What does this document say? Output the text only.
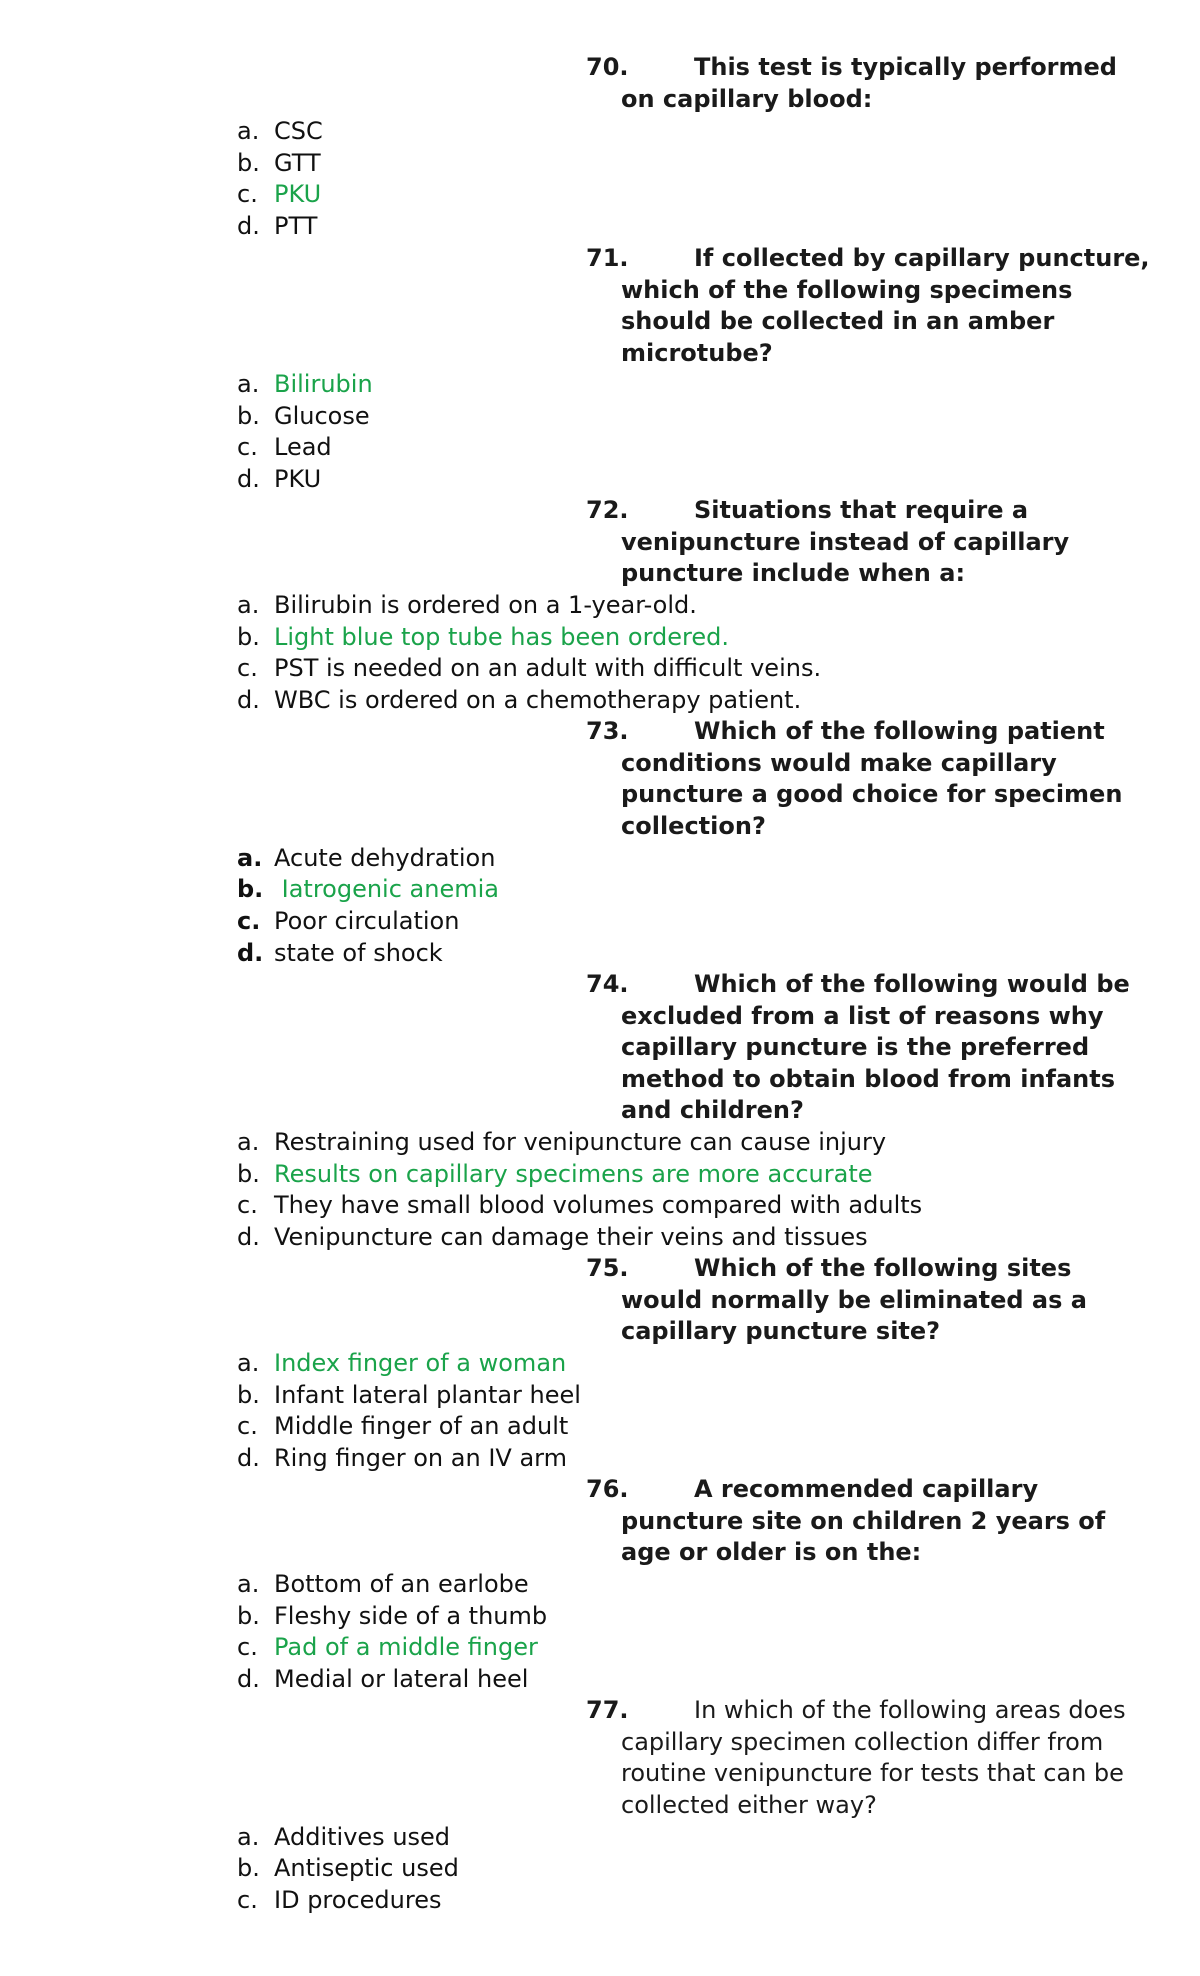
70.	This test is typically performed on capillary blood:
a. CSC
b. GTT
c. PKU
d. PTT
71.	If collected by capillary puncture, which of the following specimens should be collected in an amber microtube?
a. Bilirubin
b. Glucose
c. Lead
d. PKU
72.	Situations that require a venipuncture instead of capillary puncture include when a:
a. Bilirubin is ordered on a 1-year-old.
b. Light blue top tube has been ordered.
c. PST is needed on an adult with difficult veins.
d. WBC is ordered on a chemotherapy patient.
73.	Which of the following patient conditions would make capillary puncture a good choice for specimen collection?
a. Acute dehydration
b. Iatrogenic anemia
c. Poor circulation
d. state of shock
74.	Which of the following would be excluded from a list of reasons why capillary puncture is the preferred method to obtain blood from infants and children?
a. Restraining used for venipuncture can cause injury
b. Results on capillary specimens are more accurate
c. They have small blood volumes compared with adults
d. Venipuncture can damage their veins and tissues
75.	Which of the following sites would normally be eliminated as a capillary puncture site?
a. Index finger of a woman
b. Infant lateral plantar heel
c. Middle finger of an adult
d. Ring finger on an IV arm
76.	A recommended capillary puncture site on children 2 years of age or older is on the:
a. Bottom of an earlobe
b. Fleshy side of a thumb
c. Pad of a middle finger
d. Medial or lateral heel
77.	In which of the following areas does capillary specimen collection differ from routine venipuncture for tests that can be collected either way?
a. Additives used
b. Antiseptic used
c. ID procedures
